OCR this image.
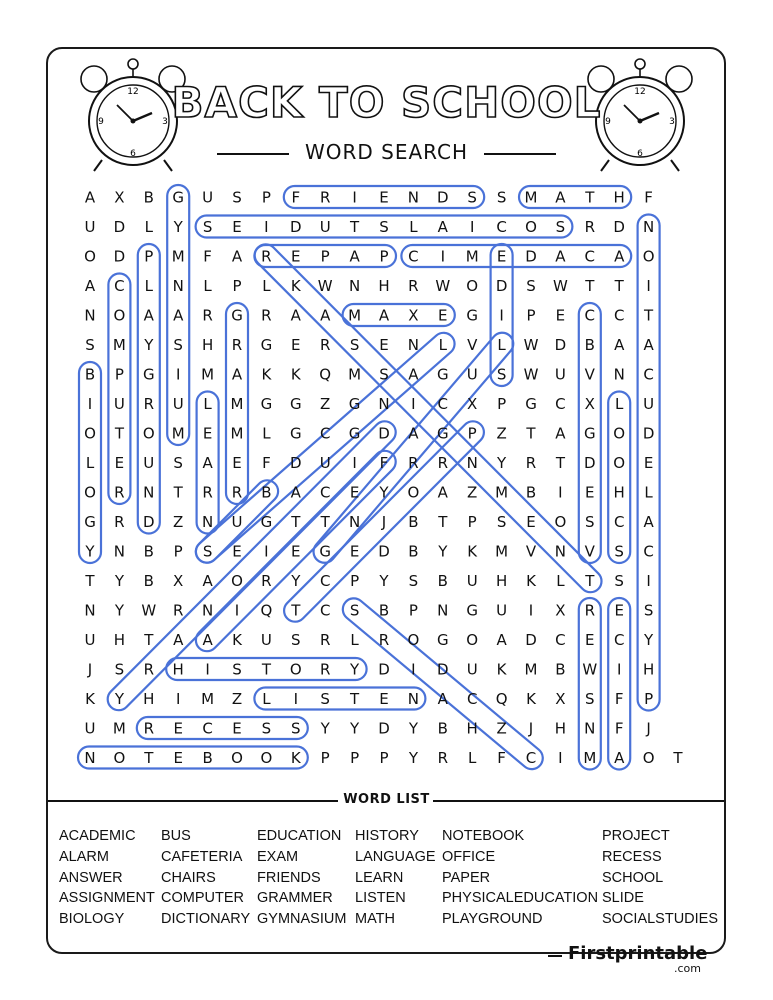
12
6
3
9
12
6
3
9
BACK TO SCHOOL
WORD SEARCH
A X B G U S P F R I E N D S S M A T H F
U D L Y S E I D U T S L A I C O S R D N
O D P M F A R E P A P C I M E D A C A O
A C L N L P L K W N H R W O D S W T T I
N O A A R G R A A M A X E G I P E C C T
S M Y S H R G E R S E N L V L W D B A A
B P G I M A K K Q M S A G U S W U V N C
I U R U L M G G Z G N I C X P G C X L U
O T O M E M L G C G D A G P Z T A G O D
L E U S A E F D U I F R R N Y R T D O E
O R N T R R B A C E Y O A Z M B I E H L
G R D Z N U G T T N J B T P S E O S C A
Y N B P S E I E G E D B Y K M V N V S C
T Y B X A O R Y C P Y S B U H K L T S I
N Y W R N I Q T C S B P N G U I X R E S
U H T A A K U S R L R O G O A D C E C Y
J S R H I S T O R Y D I D U K M B W I H
K Y H I M Z L I S T E N A C Q K X S F P
U M R E C E S S Y Y D Y B H Z J H N F J
N O T E B O O K P P P Y R L F C I M A O T
WORD LIST
ACADEMIC
ALARM
ANSWER
ASSIGNMENT
BIOLOGY
BUS
CAFETERIA
CHAIRS
COMPUTER
DICTIONARY
EDUCATION
EXAM
FRIENDS
GRAMMER
GYMNASIUM
HISTORY
LANGUAGE
LEARN
LISTEN
MATH
NOTEBOOK
OFFICE
PAPER
PHYSICALEDUCATION
PLAYGROUND
PROJECT
RECESS
SCHOOL
SLIDE
SOCIALSTUDIES
Firstprintable
.com
